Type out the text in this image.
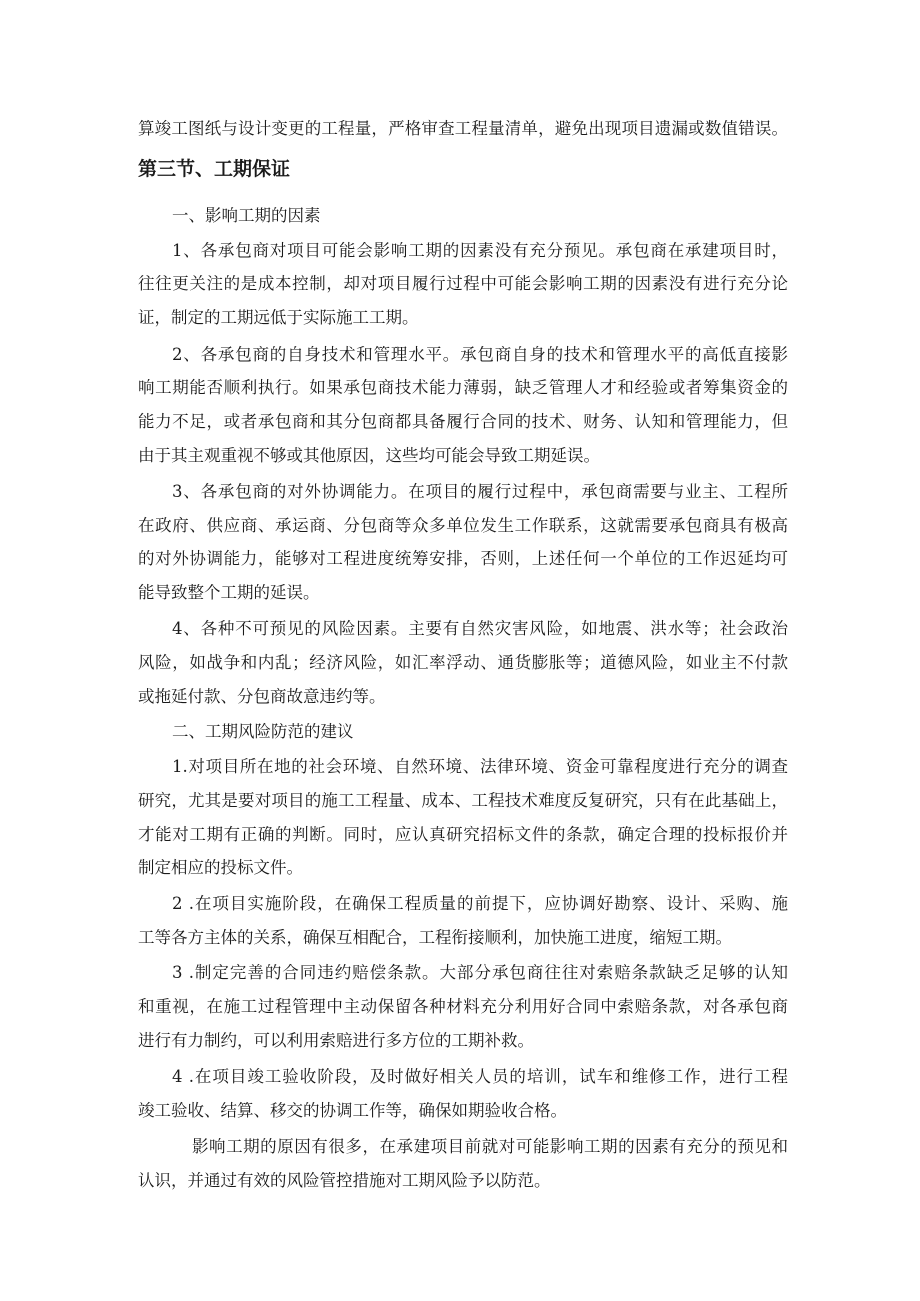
算竣工图纸与设计变更的工程量，严格审查工程量清单，避免出现项目遗漏或数值错误。
第三节、工期保证
一、影响工期的因素
1、各承包商对项目可能会影响工期的因素没有充分预见。承包商在承建项目时，
往往更关注的是成本控制，却对项目履行过程中可能会影响工期的因素没有进行充分论
证，制定的工期远低于实际施工工期。
2、各承包商的自身技术和管理水平。承包商自身的技术和管理水平的高低直接影
响工期能否顺利执行。如果承包商技术能力薄弱，缺乏管理人才和经验或者筹集资金的
能力不足，或者承包商和其分包商都具备履行合同的技术、财务、认知和管理能力，但
由于其主观重视不够或其他原因，这些均可能会导致工期延误。
3、各承包商的对外协调能力。在项目的履行过程中，承包商需要与业主、工程所
在政府、供应商、承运商、分包商等众多单位发生工作联系，这就需要承包商具有极高
的对外协调能力，能够对工程进度统筹安排，否则，上述任何一个单位的工作迟延均可
能导致整个工期的延误。
4、各种不可预见的风险因素。主要有自然灾害风险，如地震、洪水等；社会政治
风险，如战争和内乱；经济风险，如汇率浮动、通货膨胀等；道德风险，如业主不付款
或拖延付款、分包商故意违约等。
二、工期风险防范的建议
1.对项目所在地的社会环境、自然环境、法律环境、资金可靠程度进行充分的调查
研究，尤其是要对项目的施工工程量、成本、工程技术难度反复研究，只有在此基础上，
才能对工期有正确的判断。同时，应认真研究招标文件的条款，确定合理的投标报价并
制定相应的投标文件。
2 .在项目实施阶段，在确保工程质量的前提下，应协调好勘察、设计、采购、施
工等各方主体的关系，确保互相配合，工程衔接顺利，加快施工进度，缩短工期。
3 .制定完善的合同违约赔偿条款。大部分承包商往往对索赔条款缺乏足够的认知
和重视，在施工过程管理中主动保留各种材料充分利用好合同中索赔条款，对各承包商
进行有力制约，可以利用索赔进行多方位的工期补救。
4 .在项目竣工验收阶段，及时做好相关人员的培训，试车和维修工作，进行工程
竣工验收、结算、移交的协调工作等，确保如期验收合格。
影响工期的原因有很多，在承建项目前就对可能影响工期的因素有充分的预见和
认识，并通过有效的风险管控措施对工期风险予以防范。
